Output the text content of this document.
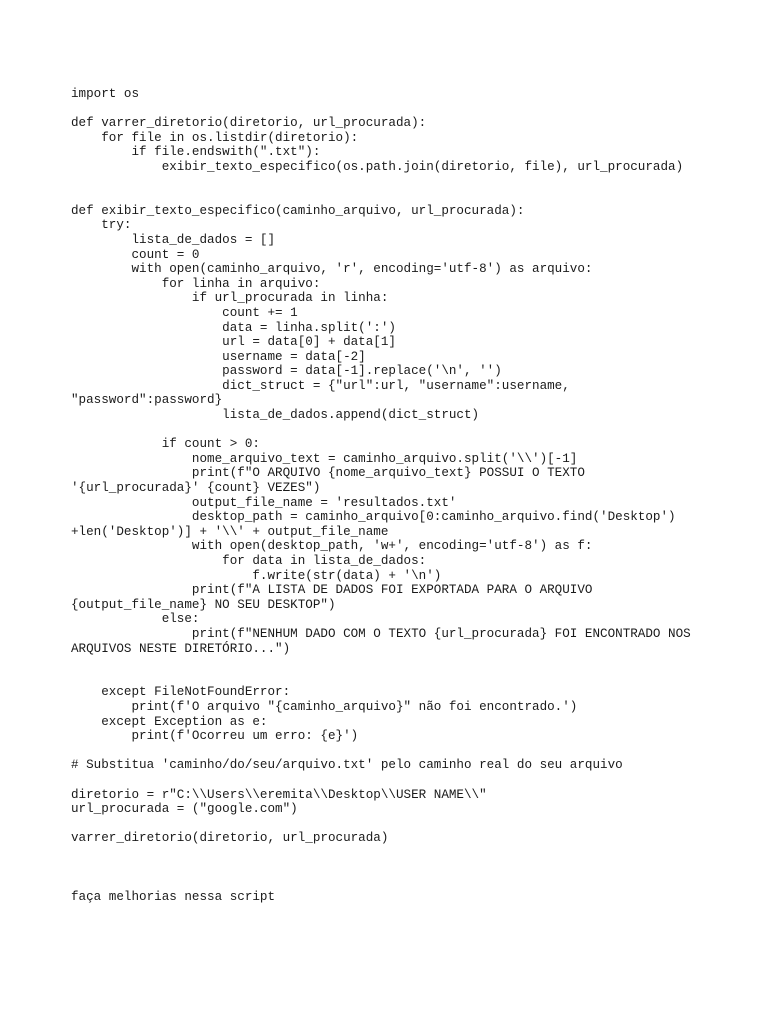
import os
def varrer_diretorio(diretorio, url_procurada):
for file in os.listdir(diretorio):
if file.endswith(".txt"):
exibir_texto_especifico(os.path.join(diretorio, file), url_procurada)
def exibir_texto_especifico(caminho_arquivo, url_procurada):
try:
lista_de_dados = []
count = 0
with open(caminho_arquivo, 'r', encoding='utf-8') as arquivo:
for linha in arquivo:
if url_procurada in linha:
count += 1
data = linha.split(':')
url = data[0] + data[1]
username = data[-2]
password = data[-1].replace('\n', '')
dict_struct = {"url":url, "username":username,
"password":password}
lista_de_dados.append(dict_struct)
if count > 0:
nome_arquivo_text = caminho_arquivo.split('\\')[-1]
print(f"O ARQUIVO {nome_arquivo_text} POSSUI O TEXTO
'{url_procurada}' {count} VEZES")
output_file_name = 'resultados.txt'
desktop_path = caminho_arquivo[0:caminho_arquivo.find('Desktop')
+len('Desktop')] + '\\' + output_file_name
with open(desktop_path, 'w+', encoding='utf-8') as f:
for data in lista_de_dados:
f.write(str(data) + '\n')
print(f"A LISTA DE DADOS FOI EXPORTADA PARA O ARQUIVO
{output_file_name} NO SEU DESKTOP")
else:
print(f"NENHUM DADO COM O TEXTO {url_procurada} FOI ENCONTRADO NOS
ARQUIVOS NESTE DIRETÓRIO...")
except FileNotFoundError:
print(f'O arquivo "{caminho_arquivo}" não foi encontrado.')
except Exception as e:
print(f'Ocorreu um erro: {e}')
# Substitua 'caminho/do/seu/arquivo.txt' pelo caminho real do seu arquivo
diretorio = r"C:\\Users\\eremita\\Desktop\\USER NAME\\"
url_procurada = ("google.com")
varrer_diretorio(diretorio, url_procurada)
faça melhorias nessa script
